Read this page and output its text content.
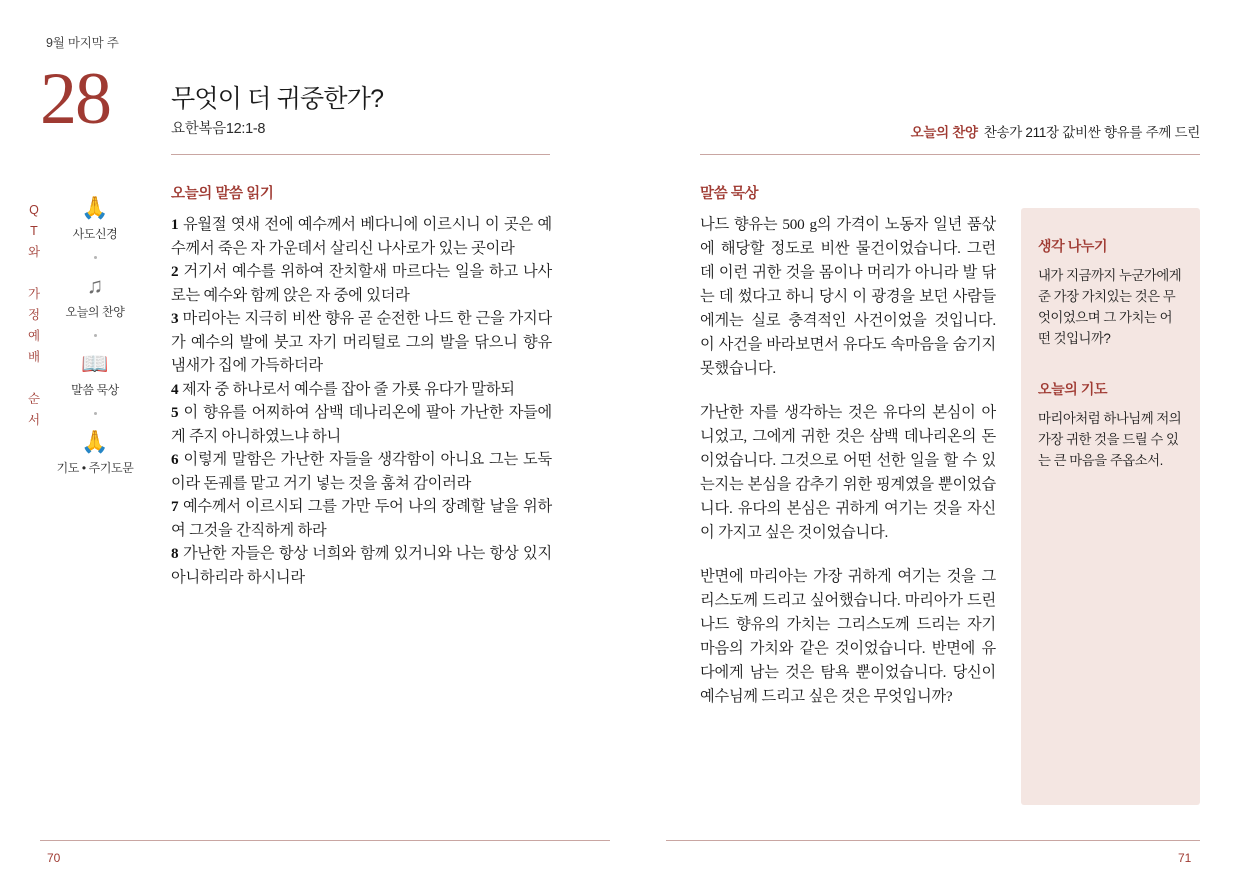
9월 마지막 주
28 무엇이 더 귀중한가?
요한복음12:1-8	오늘의 찬양 찬송가 211장 값비싼 향유를 주께 드린
Q
T
와

가
정
예
배

순
서
🙏
사도신경
♫
오늘의 찬양
📖
말씀 묵상
🙏
기도 • 주기도문
오늘의 말씀 읽기
1 유월절 엿새 전에 예수께서 베다니에 이르시니 이 곳은 예수께서 죽은 자 가운데서 살리신 나사로가 있는 곳이라
2 거기서 예수를 위하여 잔치할새 마르다는 일을 하고 나사로는 예수와 함께 앉은 자 중에 있더라
3 마리아는 지극히 비싼 향유 곧 순전한 나드 한 근을 가지다가 예수의 발에 붓고 자기 머리털로 그의 발을 닦으니 향유 냄새가 집에 가득하더라
4 제자 중 하나로서 예수를 잡아 줄 가룟 유다가 말하되
5 이 향유를 어찌하여 삼백 데나리온에 팔아 가난한 자들에게 주지 아니하였느냐 하니
6 이렇게 말함은 가난한 자들을 생각함이 아니요 그는 도둑이라 돈궤를 맡고 거기 넣는 것을 훔쳐 감이러라
7 예수께서 이르시되 그를 가만 두어 나의 장례할 날을 위하여 그것을 간직하게 하라
8 가난한 자들은 항상 너희와 함께 있거니와 나는 항상 있지 아니하리라 하시니라
말씀 묵상

나드 향유는 500 g의 가격이 노동자 일년 품삯에 해당할 정도로 비싼 물건이었습니다. 그런데 이런 귀한 것을 몸이나 머리가 아니라 발 닦는 데 썼다고 하니 당시 이 광경을 보던 사람들에게는 실로 충격적인 사건이었을 것입니다. 이 사건을 바라보면서 유다도 속마음을 숨기지 못했습니다.

가난한 자를 생각하는 것은 유다의 본심이 아니었고, 그에게 귀한 것은 삼백 데나리온의 돈이었습니다. 그것으로 어떤 선한 일을 할 수 있는지는 본심을 감추기 위한 핑계였을 뿐이었습니다. 유다의 본심은 귀하게 여기는 것을 자신이 가지고 싶은 것이었습니다.

반면에 마리아는 가장 귀하게 여기는 것을 그리스도께 드리고 싶어했습니다. 마리아가 드린 나드 향유의 가치는 그리스도께 드리는 자기 마음의 가치와 같은 것이었습니다. 반면에 유다에게 남는 것은 탐욕 뿐이었습니다. 당신이 예수님께 드리고 싶은 것은 무엇입니까?

생각 나누기
내가 지금까지 누군가에게 준 가장 가치있는 것은 무엇이었으며 그 가치는 어떤 것입니까?
오늘의 기도
마리아처럼 하나님께 저의 가장 귀한 것을 드릴 수 있는 큰 마음을 주옵소서.
70	71
